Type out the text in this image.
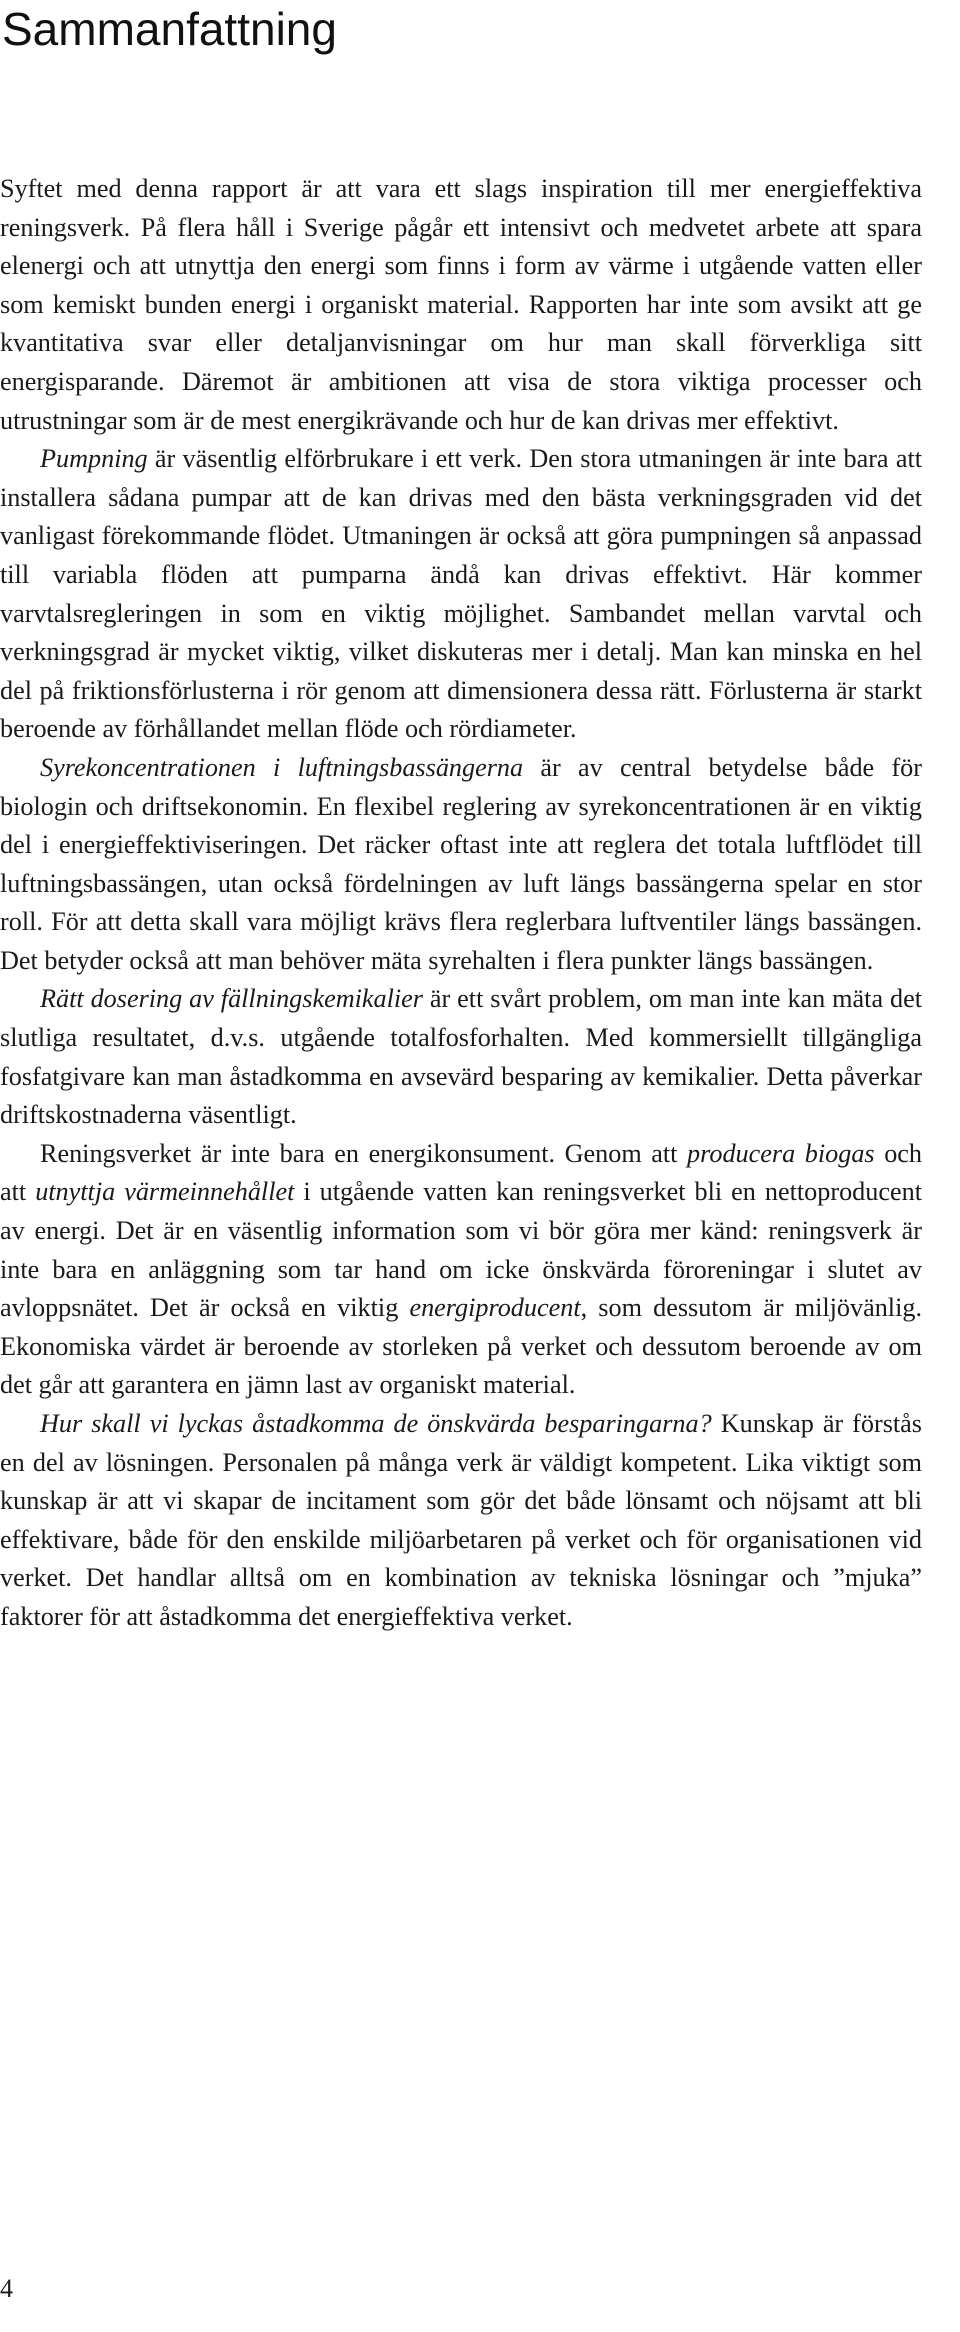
Sammanfattning

Syftet med denna rapport är att vara ett slags inspiration till mer energieffektiva reningsverk. På flera håll i Sverige pågår ett intensivt och medvetet arbete att spara elenergi och att utnyttja den energi som finns i form av värme i utgående vatten eller som kemiskt bunden energi i organiskt material. Rapporten har inte som avsikt att ge kvantitativa svar eller detaljanvisningar om hur man skall förverkliga sitt energisparande. Däremot är ambitionen att visa de stora viktiga processer och utrustningar som är de mest energikrävande och hur de kan drivas mer effektivt.

Pumpning är väsentlig elförbrukare i ett verk. Den stora utmaningen är inte bara att installera sådana pumpar att de kan drivas med den bästa verkningsgraden vid det vanligast förekommande flödet. Utmaningen är också att göra pumpningen så anpassad till variabla flöden att pumparna ändå kan drivas effektivt. Här kommer varvtalsregleringen in som en viktig möjlighet. Sambandet mellan varvtal och verkningsgrad är mycket viktig, vilket diskuteras mer i detalj. Man kan minska en hel del på friktionsförlusterna i rör genom att dimensionera dessa rätt. Förlusterna är starkt beroende av förhållandet mellan flöde och rördiameter.

Syrekoncentrationen i luftningsbassängerna är av central betydelse både för biologin och driftsekonomin. En flexibel reglering av syrekoncentrationen är en viktig del i energieffektiviseringen. Det räcker oftast inte att reglera det totala luftflödet till luftningsbassängen, utan också fördelningen av luft längs bassängerna spelar en stor roll. För att detta skall vara möjligt krävs flera reglerbara luftventiler längs bassängen. Det betyder också att man behöver mäta syrehalten i flera punkter längs bassängen.

Rätt dosering av fällningskemikalier är ett svårt problem, om man inte kan mäta det slutliga resultatet, d.v.s. utgående totalfosforhalten. Med kommersiellt tillgängliga fosfatgivare kan man åstadkomma en avsevärd besparing av kemikalier. Detta påverkar driftskostnaderna väsentligt.

Reningsverket är inte bara en energikonsument. Genom att producera biogas och att utnyttja värmeinnehållet i utgående vatten kan reningsverket bli en nettoproducent av energi. Det är en väsentlig information som vi bör göra mer känd: reningsverk är inte bara en anläggning som tar hand om icke önskvärda föroreningar i slutet av avloppsnätet. Det är också en viktig energiproducent, som dessutom är miljövänlig. Ekonomiska värdet är beroende av storleken på verket och dessutom beroende av om det går att garantera en jämn last av organiskt material.

Hur skall vi lyckas åstadkomma de önskvärda besparingarna? Kunskap är förstås en del av lösningen. Personalen på många verk är väldigt kompetent. Lika viktigt som kunskap är att vi skapar de incitament som gör det både lönsamt och nöjsamt att bli effektivare, både för den enskilde miljöarbetaren på verket och för organisationen vid verket. Det handlar alltså om en kombination av tekniska lösningar och ”mjuka” faktorer för att åstadkomma det energieffektiva verket.

4
